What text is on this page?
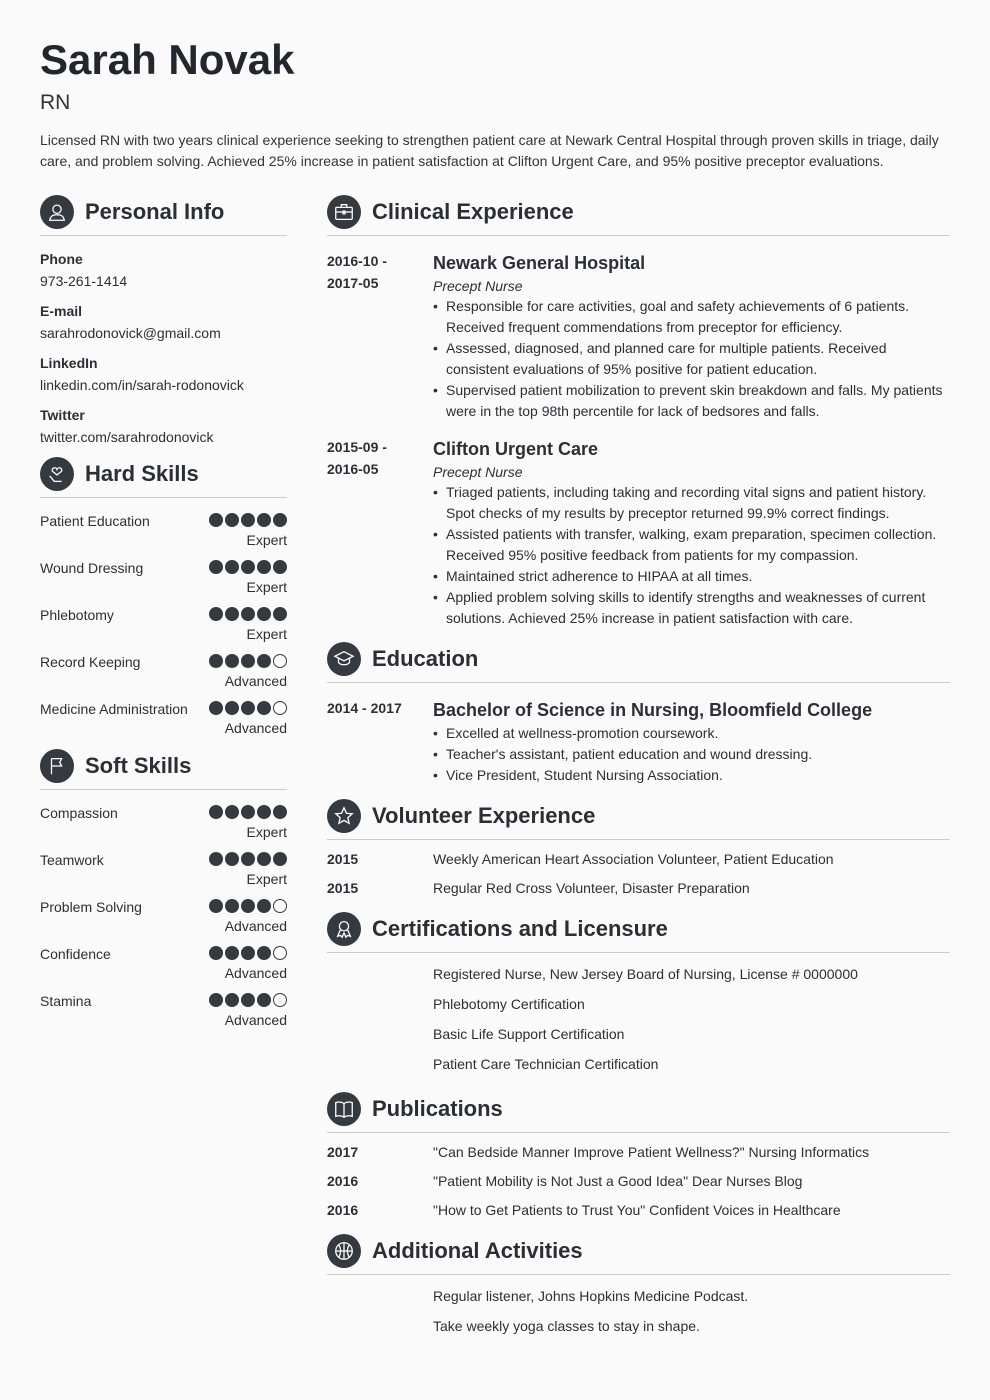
Sarah Novak
RN
Licensed RN with two years clinical experience seeking to strengthen patient care at Newark Central Hospital through proven skills in triage, daily care, and problem solving. Achieved 25% increase in patient satisfaction at Clifton Urgent Care, and 95% positive preceptor evaluations.
Personal Info
Phone
973-261-1414
E-mail
sarahrodonovick@gmail.com
LinkedIn
linkedin.com/in/sarah-rodonovick
Twitter
twitter.com/sarahrodonovick
Hard Skills
Patient Education
Expert
Wound Dressing
Expert
Phlebotomy
Expert
Record Keeping
Advanced
Medicine Administration
Advanced
Soft Skills
Compassion
Expert
Teamwork
Expert
Problem Solving
Advanced
Confidence
Advanced
Stamina
Advanced
Clinical Experience
2016-10 - 2017-05
Newark General Hospital
Precept Nurse
• Responsible for care activities, goal and safety achievements of 6 patients. Received frequent commendations from preceptor for efficiency.
• Assessed, diagnosed, and planned care for multiple patients. Received consistent evaluations of 95% positive for patient education.
• Supervised patient mobilization to prevent skin breakdown and falls. My patients were in the top 98th percentile for lack of bedsores and falls.
2015-09 - 2016-05
Clifton Urgent Care
Precept Nurse
• Triaged patients, including taking and recording vital signs and patient history. Spot checks of my results by preceptor returned 99.9% correct findings.
• Assisted patients with transfer, walking, exam preparation, specimen collection. Received 95% positive feedback from patients for my compassion.
• Maintained strict adherence to HIPAA at all times.
• Applied problem solving skills to identify strengths and weaknesses of current solutions. Achieved 25% increase in patient satisfaction with care.
Education
2014 - 2017	Bachelor of Science in Nursing, Bloomfield College
• Excelled at wellness-promotion coursework.
• Teacher's assistant, patient education and wound dressing.
• Vice President, Student Nursing Association.
Volunteer Experience
2015	Weekly American Heart Association Volunteer, Patient Education
2015	Regular Red Cross Volunteer, Disaster Preparation
Certifications and Licensure
Registered Nurse, New Jersey Board of Nursing, License # 0000000
Phlebotomy Certification
Basic Life Support Certification
Patient Care Technician Certification
Publications
2017	"Can Bedside Manner Improve Patient Wellness?" Nursing Informatics
2016	"Patient Mobility is Not Just a Good Idea" Dear Nurses Blog
2016	"How to Get Patients to Trust You" Confident Voices in Healthcare
Additional Activities
Regular listener, Johns Hopkins Medicine Podcast.
Take weekly yoga classes to stay in shape.
